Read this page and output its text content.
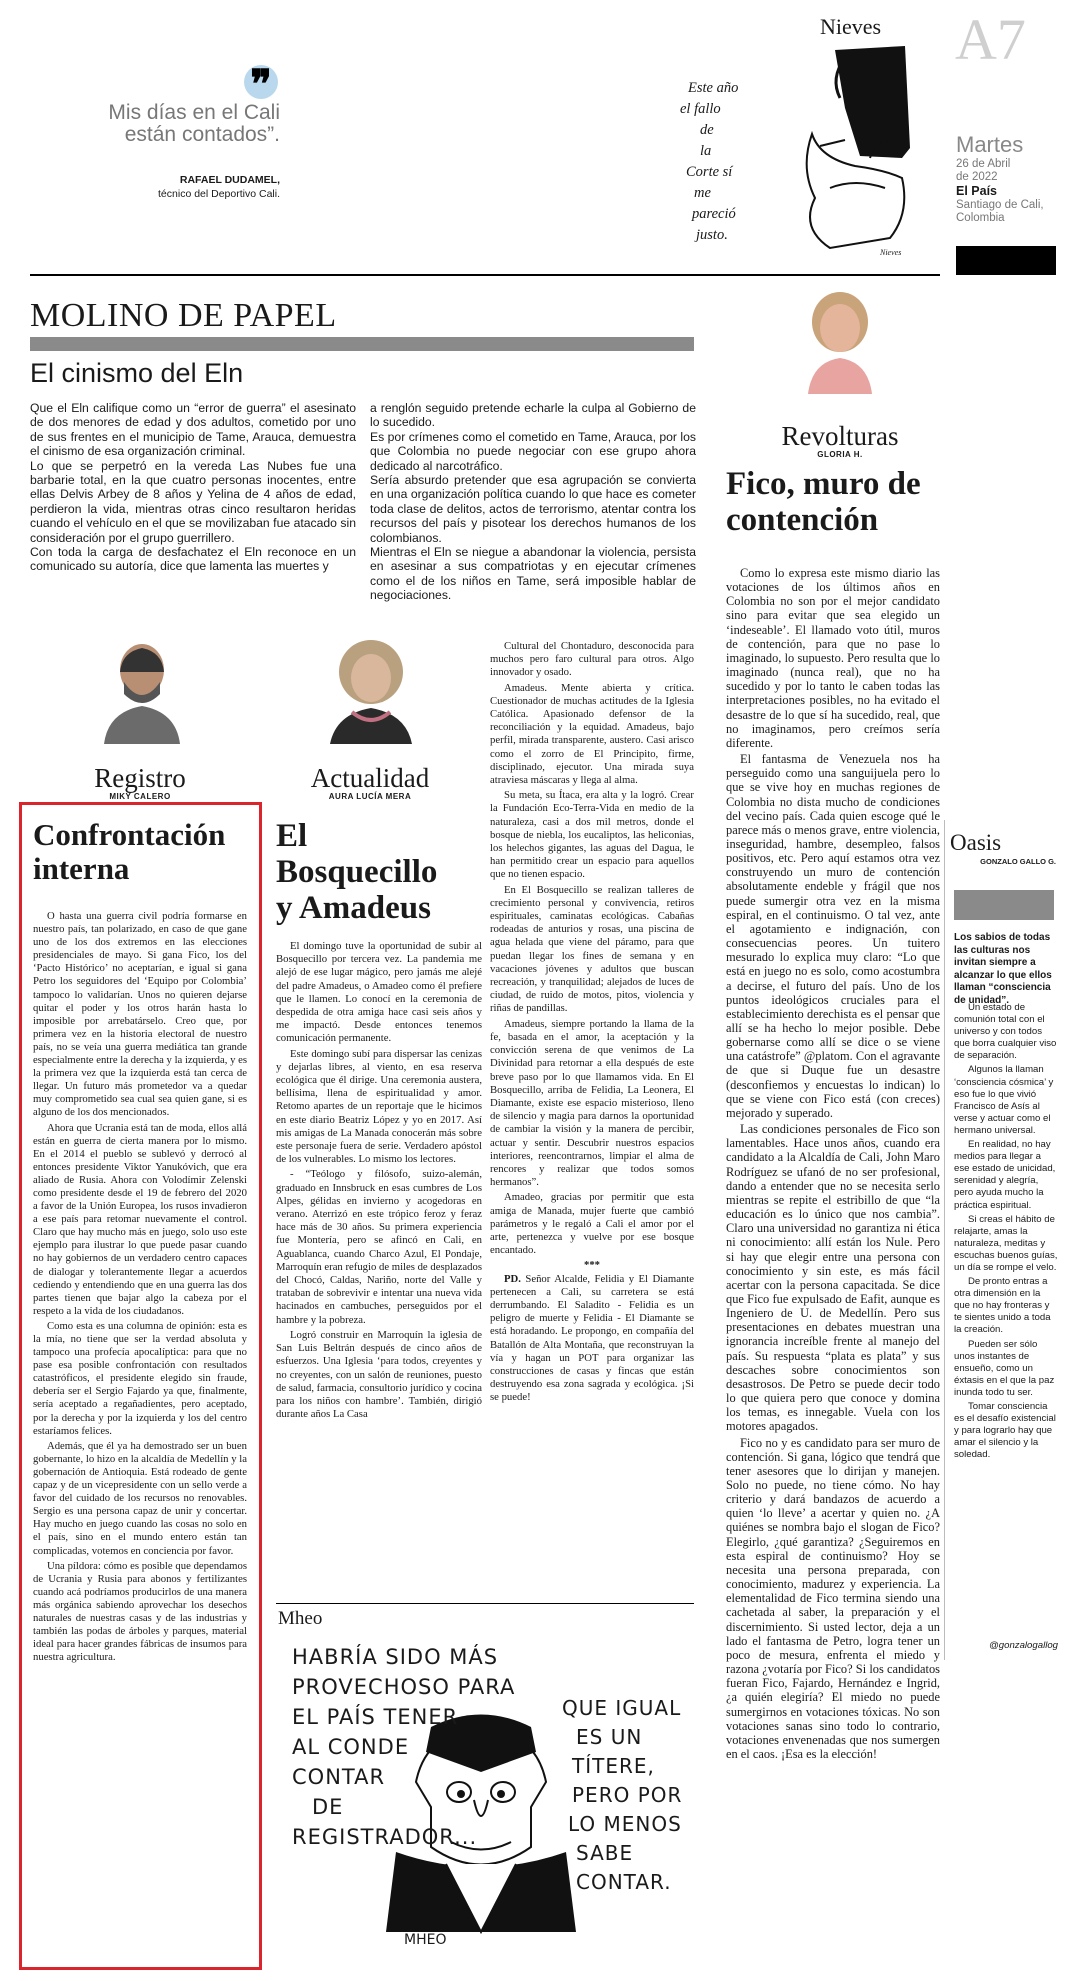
❞
Mis días en el Cali
están contados”.
RAFAEL DUDAMEL,
técnico del Deportivo Cali.
Nieves
Este año
el fallo
de
la
Corte sí
me
pareció
justo.
Nieves
A7
Martes
26 de Abril
de 2022
El País
Santiago de Cali,
Colombia
MOLINO DE PAPEL
El cinismo del Eln

Que el Eln califique como un “error de guerra” el asesinato de dos menores de edad y dos adultos, cometido por uno de sus frentes en el municipio de Tame, Arauca, demuestra el cinismo de esa organización criminal.

Lo que se perpetró en la vereda Las Nubes fue una barbarie total, en la que cuatro personas inocentes, entre ellas Delvis Arbey de 8 años y Yelina de 4 años de edad, perdieron la vida, mientras otras cinco resultaron heridas cuando el vehículo en el que se movilizaban fue atacado sin consideración por el grupo guerrillero.

Con toda la carga de desfachatez el Eln reconoce en un comunicado su autoría, dice que lamenta las muertes y

a renglón seguido pretende echarle la culpa al Gobierno de lo sucedido.

Es por crímenes como el cometido en Tame, Arauca, por los que Colombia no puede negociar con ese grupo ahora dedicado al narcotráfico.

Sería absurdo pretender que esa agrupación se convierta en una organización política cuando lo que hace es cometer toda clase de delitos, actos de terrorismo, atentar contra los recursos del país y pisotear los derechos humanos de los colombianos.

Mientras el Eln se niegue a abandonar la violencia, persista en asesinar a sus compatriotas y en ejecutar crímenes como el de los niños en Tame, será imposible hablar de negociaciones.

Revolturas
GLORIA H.
Fico, muro de
contención

Como lo expresa este mismo diario las votaciones de los últimos años en Colombia no son por el mejor candidato sino para evitar que sea elegido un ‘indeseable’. El llamado voto útil, muros de contención, para que no pase lo imaginado, lo supuesto. Pero resulta que lo imaginado (nunca real), que no ha sucedido y por lo tanto le caben todas las interpretaciones posibles, no ha evitado el desastre de lo que sí ha sucedido, real, que no imaginamos, pero creímos sería diferente.

El fantasma de Venezuela nos ha perseguido como una sanguijuela pero lo que se vive hoy en muchas regiones de Colombia no dista mucho de condiciones del vecino país. Cada quien escoge qué le parece más o menos grave, entre violencia, inseguridad, hambre, desempleo, falsos positivos, etc. Pero aquí estamos otra vez construyendo un muro de contención absolutamente endeble y frágil que nos puede sumergir otra vez en la misma espiral, en el continuismo. O tal vez, ante el agotamiento e indignación, con consecuencias peores. Un tuitero mesurado lo explica muy claro: “Lo que está en juego no es solo, como acostumbra a decirse, el futuro del país. Uno de los puntos ideológicos cruciales para el establecimiento derechista es el pensar que allí se ha hecho lo mejor posible. Debe gobernarse como allí se dice o se viene una catástrofe” @platom. Con el agravante de que si Duque fue un desastre (desconfiemos y encuestas lo indican) lo que se viene con Fico está (con creces) mejorado y superado.

Las condiciones personales de Fico son lamentables. Hace unos años, cuando era candidato a la Alcaldía de Cali, John Maro Rodríguez se ufanó de no ser profesional, dando a entender que no se necesita serlo mientras se repite el estribillo de que “la educación es lo único que nos cambia”. Claro una universidad no garantiza ni ética ni conocimiento: allí están los Nule. Pero si hay que elegir entre una persona con conocimiento y sin este, es más fácil acertar con la persona capacitada. Se dice que Fico fue expulsado de Eafit, aunque es Ingeniero de U. de Medellín. Pero sus presentaciones en debates muestran una ignorancia increíble frente al manejo del país. Su respuesta “plata es plata” y sus descaches sobre conocimientos son desastrosos. De Petro se puede decir todo lo que quiera pero que conoce y domina los temas, es innegable. Vuela con los motores apagados.

Fico no y es candidato para ser muro de contención. Si gana, lógico que tendrá que tener asesores que lo dirijan y manejen. Solo no puede, no tiene cómo. No hay criterio y dará bandazos de acuerdo a quien ‘lo lleve’ a acertar y quien no. ¿A quiénes se nombra bajo el slogan de Fico? Elegirlo, ¿qué garantiza? ¿Seguiremos en esta espiral de continuismo? Hoy se necesita una persona preparada, con conocimiento, madurez y experiencia. La elementalidad de Fico termina siendo una cachetada al saber, la preparación y el discernimiento. Si usted lector, deja a un lado el fantasma de Petro, logra tener un poco de mesura, enfrenta el miedo y razona ¿votaría por Fico? Si los candidatos fueran Fico, Fajardo, Hernández e Ingrid, ¿a quién elegiría? El miedo no puede sumergirnos en votaciones tóxicas. No son votaciones sanas sino todo lo contrario, votaciones envenenadas que nos sumergen en el caos. ¡Esa es la elección!

Registro
MIKY CALERO
Actualidad
AURA LUCÍA MERA
Confrontación
interna

O hasta una guerra civil podría formarse en nuestro país, tan polarizado, en caso de que gane uno de los dos extremos en las elecciones presidenciales de mayo. Si gana Fico, los del ‘Pacto Histórico’ no aceptarían, e igual si gana Petro los seguidores del ‘Equipo por Colombia’ tampoco lo validarían. Unos no quieren dejarse quitar el poder y los otros harán hasta lo imposible por arrebatárselo. Creo que, por primera vez en la historia electoral de nuestro país, no se veía una guerra mediática tan grande especialmente entre la derecha y la izquierda, y es la primera vez que la izquierda está tan cerca de llegar. Un futuro más prometedor va a quedar muy comprometido sea cual sea quien gane, si es alguno de los dos mencionados.

Ahora que Ucrania está tan de moda, ellos allá están en guerra de cierta manera por lo mismo. En el 2014 el pueblo se sublevó y derrocó al entonces presidente Viktor Yanukóvich, que era aliado de Rusia. Ahora con Volodímir Zelenski como presidente desde el 19 de febrero del 2020 a favor de la Unión Europea, los rusos invadieron a ese país para retomar nuevamente el control. Claro que hay mucho más en juego, solo uso este ejemplo para ilustrar lo que puede pasar cuando no hay gobiernos de un verdadero centro capaces de dialogar y tolerantemente llegar a acuerdos cediendo y entendiendo que en una guerra las dos partes tienen que bajar algo la cabeza por el respeto a la vida de los ciudadanos.

Como esta es una columna de opinión: esta es la mía, no tiene que ser la verdad absoluta y tampoco una profecía apocalíptica: para que no pase esa posible confrontación con resultados catastróficos, el presidente elegido sin fraude, debería ser el Sergio Fajardo ya que, finalmente, sería aceptado a regañadientes, pero aceptado, por la derecha y por la izquierda y los del centro estaríamos felices.

Además, que él ya ha demostrado ser un buen gobernante, lo hizo en la alcaldía de Medellín y la gobernación de Antioquia. Está rodeado de gente capaz y de un vicepresidente con un sello verde a favor del cuidado de los recursos no renovables. Sergio es una persona capaz de unir y concertar. Hay mucho en juego cuando las cosas no solo en el país, sino en el mundo entero están tan complicadas, votemos en conciencia por favor.

Una píldora: cómo es posible que dependamos de Ucrania y Rusia para abonos y fertilizantes cuando acá podríamos producirlos de una manera más orgánica sabiendo aprovechar los desechos naturales de nuestras casas y de las industrias y también las podas de árboles y parques, material ideal para hacer grandes fábricas de insumos para nuestra agricultura.

El
Bosquecillo
y Amadeus

El domingo tuve la oportunidad de subir al Bosquecillo por tercera vez. La pandemia me alejó de ese lugar mágico, pero jamás me alejé del padre Amadeus, o Amadeo como él prefiere que le llamen. Lo conocí en la ceremonia de despedida de otra amiga hace casi seis años y me impactó. Desde entonces tenemos comunicación permanente.

Este domingo subí para dispersar las cenizas y dejarlas libres, al viento, en esa reserva ecológica que él dirige. Una ceremonia austera, bellísima, llena de espiritualidad y amor. Retomo apartes de un reportaje que le hicimos en este diario Beatriz López y yo en 2017. Así mis amigas de La Manada conocerán más sobre este personaje fuera de serie. Verdadero apóstol de los vulnerables. Lo mismo los lectores.

- “Teólogo y filósofo, suizo-alemán, graduado en Innsbruck en esas cumbres de Los Alpes, gélidas en invierno y acogedoras en verano. Aterrizó en este trópico feroz y feraz hace más de 30 años. Su primera experiencia fue Montería, pero se afincó en Cali, en Aguablanca, cuando Charco Azul, El Pondaje, Marroquín eran refugio de miles de desplazados del Chocó, Caldas, Nariño, norte del Valle y trataban de sobrevivir e intentar una nueva vida hacinados en cambuches, perseguidos por el hambre y la pobreza.

Logró construir en Marroquín la iglesia de San Luis Beltrán después de cinco años de esfuerzos. Una Iglesia ‘para todos, creyentes y no creyentes, con un salón de reuniones, puesto de salud, farmacia, consultorio jurídico y cocina para los niños con hambre’. También, dirigió durante años La Casa

Cultural del Chontaduro, desconocida para muchos pero faro cultural para otros. Algo innovador y osado.

Amadeus. Mente abierta y crítica. Cuestionador de muchas actitudes de la Iglesia Católica. Apasionado defensor de la reconciliación y la equidad. Amadeus, bajo perfil, mirada transparente, austero. Casi arisco como el zorro de El Principito, firme, disciplinado, ejecutor. Una mirada suya atraviesa máscaras y llega al alma.

Su meta, su Ítaca, era alta y la logró. Crear la Fundación Eco-Terra-Vida en medio de la naturaleza, casi a dos mil metros, donde el bosque de niebla, los eucaliptos, las heliconias, los helechos gigantes, las aguas del Dagua, le han permitido crear un espacio para aquellos que no tienen espacio.

En El Bosquecillo se realizan talleres de crecimiento personal y convivencia, retiros espirituales, caminatas ecológicas. Cabañas rodeadas de anturios y rosas, una piscina de agua helada que viene del páramo, para que puedan llegar los fines de semana y en vacaciones jóvenes y adultos que buscan recreación, y tranquilidad; alejados de luces de ciudad, de ruido de motos, pitos, violencia y riñas de pandillas.

Amadeus, siempre portando la llama de la fe, basada en el amor, la aceptación y la convicción serena de que venimos de La Divinidad para retornar a ella después de este breve paso por lo que llamamos vida. En El Bosquecillo, arriba de Felidia, La Leonera, El Diamante, existe ese espacio misterioso, lleno de silencio y magia para darnos la oportunidad de cambiar la visión y la manera de percibir, actuar y sentir. Descubrir nuestros espacios interiores, reencontrarnos, limpiar el alma de rencores y realizar que todos somos hermanos”.

Amadeo, gracias por permitir que esta amiga de Manada, mujer fuerte que cambió parámetros y le regaló a Cali el amor por el arte, pertenezca y vuelve por ese bosque encantado.

***

PD. Señor Alcalde, Felidia y El Diamante pertenecen a Cali, su carretera se está derrumbando. El Saladito - Felidia es un peligro de muerte y Felidia - El Diamante se está horadando. Le propongo, en compañía del Batallón de Alta Montaña, que reconstruyan la vía y hagan un POT para organizar las construcciones de casas y fincas que están destruyendo esa zona sagrada y ecológica. ¡Si se puede!

Mheo
HABRÍA SIDO MÁS
PROVECHOSO PARA
EL PAÍS TENER
AL CONDE
CONTAR
DE
REGISTRADOR...
QUE IGUAL
ES UN
TÍTERE,
PERO POR
LO MENOS
SABE
CONTAR.
MHEO
Oasis
GONZALO GALLO G.
Los sabios de todas las culturas nos invitan siempre a alcanzar lo que ellos llaman “consciencia de unidad”.

Un estado de comunión total con el universo y con todos que borra cualquier viso de separación.

Algunos la llaman ‘consciencia cósmica’ y eso fue lo que vivió Francisco de Asís al verse y actuar como el hermano universal.

En realidad, no hay medios para llegar a ese estado de unicidad, serenidad y alegría, pero ayuda mucho la práctica espiritual.

Si creas el hábito de relajarte, amas la naturaleza, meditas y escuchas buenos guías, un día se rompe el velo.

De pronto entras a otra dimensión en la que no hay fronteras y te sientes unido a toda la creación.

Pueden ser sólo unos instantes de ensueño, como un éxtasis en el que la paz inunda todo tu ser.

Tomar consciencia es el desafío existencial y para lograrlo hay que amar el silencio y la soledad.

@gonzalogallog
